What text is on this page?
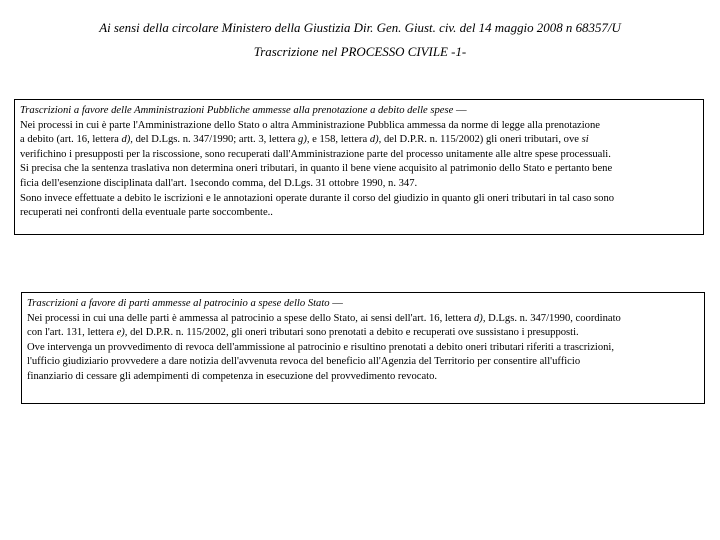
Ai sensi della circolare Ministero della Giustizia Dir. Gen. Giust. civ. del 14 maggio 2008 n 68357/U
Trascrizione nel PROCESSO CIVILE -1-
Trascrizioni a favore delle Amministrazioni Pubbliche ammesse alla prenotazione a debito delle spese —
Nei processi in cui è parte l'Amministrazione dello Stato o altra Amministrazione Pubblica ammessa da norme di legge alla prenotazione
a debito (art. 16, lettera d), del D.Lgs. n. 347/1990; artt. 3, lettera g), e 158, lettera d), del D.P.R. n. 115/2002) gli oneri tributari, ove si
verifichino i presupposti per la riscossione, sono recuperati dall'Amministrazione parte del processo unitamente alle altre spese processuali.
Si precisa che la sentenza traslativa non determina oneri tributari, in quanto il bene viene acquisito al patrimonio dello Stato e pertanto bene
ficia dell'esenzione disciplinata dall'art. 1secondo comma, del D.Lgs. 31 ottobre 1990, n. 347.
Sono invece effettuate a debito le iscrizioni e le annotazioni operate durante il corso del giudizio in quanto gli oneri tributari in tal caso sono
recuperati nei confronti della eventuale parte soccombente..
Trascrizioni a favore di parti ammesse al patrocinio a spese dello Stato —
Nei processi in cui una delle parti è ammessa al patrocinio a spese dello Stato, ai sensi dell'art. 16, lettera d), D.Lgs. n. 347/1990, coordinato
con l'art. 131, lettera e), del D.P.R. n. 115/2002, gli oneri tributari sono prenotati a debito e recuperati ove sussistano i presupposti.
Ove intervenga un provvedimento di revoca dell'ammissione al patrocinio e risultino prenotati a debito oneri tributari riferiti a trascrizioni,
l'ufficio giudiziario provvedere a dare notizia dell'avvenuta revoca del beneficio all'Agenzia del Territorio per consentire all'ufficio
finanziario di cessare gli adempimenti di competenza in esecuzione del provvedimento revocato.
